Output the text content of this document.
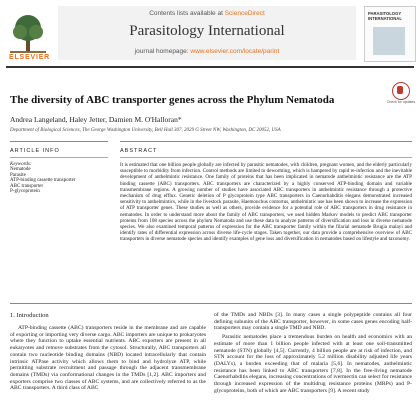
ELSEVIER
Contents lists available at ScienceDirect
Parasitology International
journal homepage: www.elsevier.com/locate/parint
PARASITOLOGY INTERNATIONAL
The diversity of ABC transporter genes across the Phylum Nematoda	Check for updates
Andrea Langeland, Haley Jetter, Damien M. O'Halloran*
Department of Biological Sciences, The George Washington University, Bell Hall 307, 2029 G Street NW, Washington, DC 20052, USA
ARTICLE INFO
Keywords:
Nematode
Parasite
ATP-binding cassette transporter
ABC transporter
P-glycoprotein
ABSTRACT

It is estimated that one billion people globally are infected by parasitic nematodes, with children, pregnant women, and the elderly particularly susceptible to morbidity from infection. Control methods are limited to deworming, which is hampered by rapid re-infection and the inevitable development of anthelmintic resistance. One family of proteins that has been implicated in nematode anthelmintic resistance are the ATP binding cassette (ABC) transporters. ABC transporters are characterized by a highly conserved ATP-binding domain and variable transmembrane regions. A growing number of studies have associated ABC transporters in anthelmintic resistance through a protective mechanism of drug efflux. Genetic deletion of P glycoprotein type ABC transporters in Caenorhabditis elegans demonstrated increased sensitivity to anthelmintics, while in the livestock parasite, Haemonchus contortus, anthelmintic use has been shown to increase the expression of ATP transporter genes. These studies as well as others, provide evidence for a potential role of ABC transporters in drug resistance in nematodes. In order to understand more about the family of ABC transporters, we used hidden Markov models to predict ABC transporter proteins from 108 species across the phylum Nematoda and use these data to analyze patterns of diversification and loss in diverse nematode species. We also examined temporal patterns of expression for the ABC transporter family within the filarial nematode Brugia malayi and identify rates of differential expression across diverse life-cycle stages. Taken together, our data provide a comprehensive overview of ABC transporters in diverse nematode species and identify examples of gene loss and diversification in nematodes based on lifestyle and taxonomy.

1. Introduction

ATP-binding cassette (ABC) transporters reside in the membrane and are capable of exporting or importing very diverse cargo. ABC importers are unique to prokaryotes where they function to uptake essential nutrients. ABC exporters are present in all eukaryotes and remove substrates from the cytosol. Structurally, ABC transporters all contain two nucleotide binding domains (NBD) located intracellularly that contain intrinsic ATPase activity which allows them to bind and hydrolyze ATP, while permitting substrate recruitment and passage through the adjacent transmembrane domains (TMDs) via conformational changes in the TMDs [1,2]. ABC importers and exporters comprise two classes of ABC systems, and are collectively referred to as the ABC transporters. A third class of ABC

of the TMDs and NBDs [3]. In many cases a single polypeptide contains all four defining subunits of the ABC transporter, however, in some cases genes encoding half-transporters may contain a single TMD and NBD.

Parasitic nematodes place a tremendous burden on health and economics with an estimate of more than 1 billion people infected with at least one soil-transmitted nematode (STN) globally [4,5]. Currently, 4 billion people are at risk of infection, and STN account for the loss of approximately 5.2 million disability adjusted life years (DALYs), a burden exceeding that of malaria [5,6]. In nematodes, anthelmintic resistance has been linked to ABC transporters [7,8]. In the free-living nematode Caenorhabditis elegans, increasing concentrations of ivermectin can select for resistance through increased expression of the multidrug resistance proteins (MRPs) and P-glycoproteins, both of which are ABC transporters [9]. A recent study
